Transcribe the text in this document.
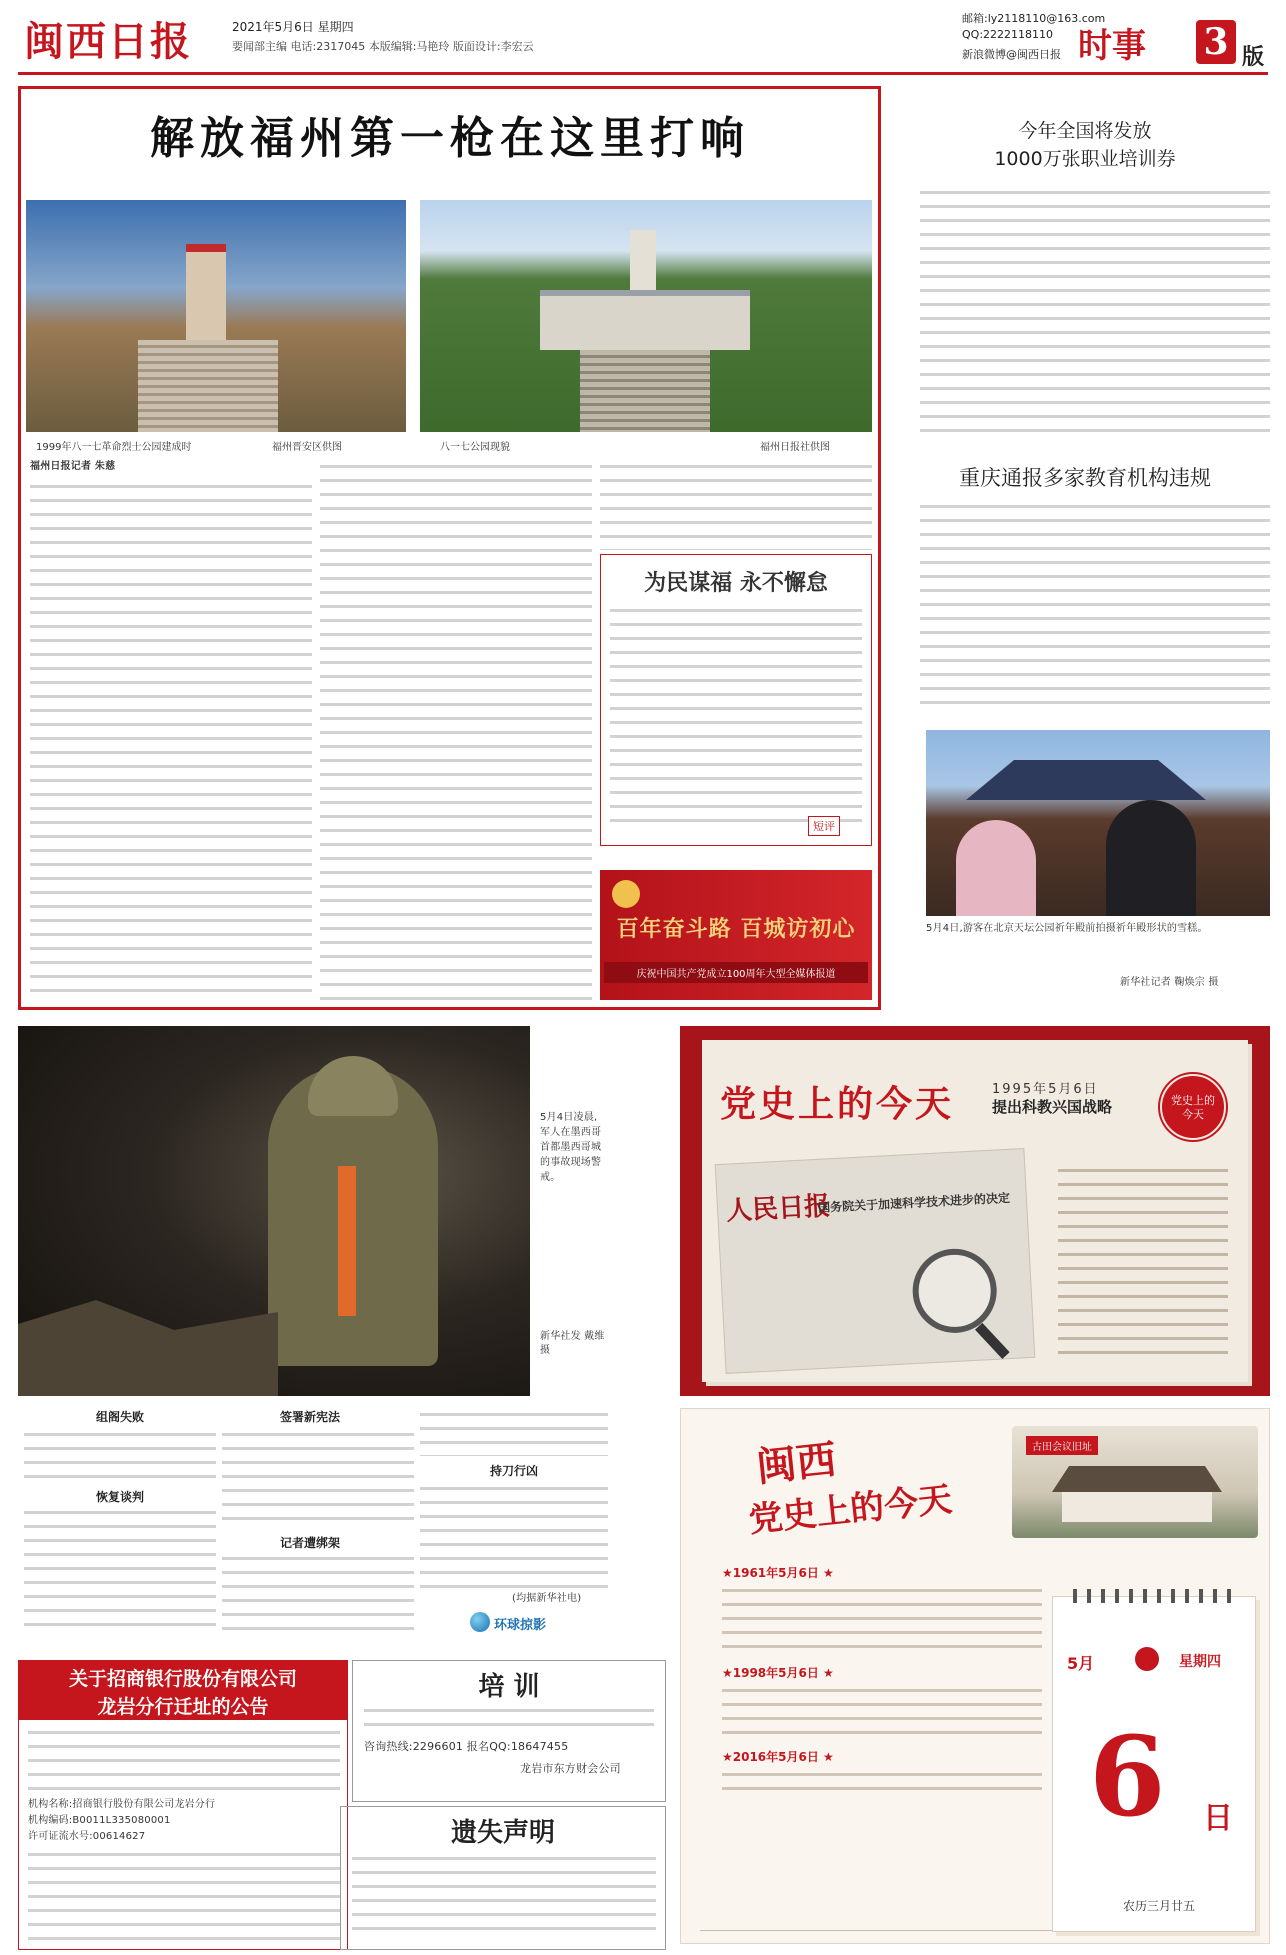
闽西日报	2021年5月6日 星期四
要闻部主编 电话:2317045 本版编辑:马艳玲 版面设计:李宏云
邮箱:ly2118110@163.com
QQ:2222118110
新浪微博@闽西日报 时事 3 版
解放福州第一枪在这里打响
1999年八一七革命烈士公园建成时	福州晋安区供图	八一七公园现貌	福州日报社供图
福州日报记者 朱慈
为民谋福 永不懈怠
短评
百年奋斗路 百城访初心
庆祝中国共产党成立100周年大型全媒体报道
今年全国将发放
1000万张职业培训券
重庆通报多家教育机构违规
5月4日,游客在北京天坛公园祈年殿前拍摄祈年殿形状的雪糕。
新华社记者 鞠焕宗 摄
5月4日凌晨,军人在墨西哥首都墨西哥城的事故现场警戒。
新华社发 戴维 摄
组阁失败
恢复谈判
签署新宪法
记者遭绑架
持刀行凶
(均据新华社电)
环球掠影
党史上的今天	1995年5月6日
提出科教兴国战略	党史上的今天
人民日报
国务院关于加速科学技术进步的决定
闽西
党史上的今天
古田会议旧址
★1961年5月6日 ★
★1998年5月6日 ★
★2016年5月6日 ★
5月	星期四
6 日
农历三月廿五
关于招商银行股份有限公司
龙岩分行迁址的公告
机构名称:招商银行股份有限公司龙岩分行
机构编码:B0011L335080001
许可证流水号:00614627
培 训
咨询热线:2296601 报名QQ:18647455
龙岩市东方财会公司
遗失声明
